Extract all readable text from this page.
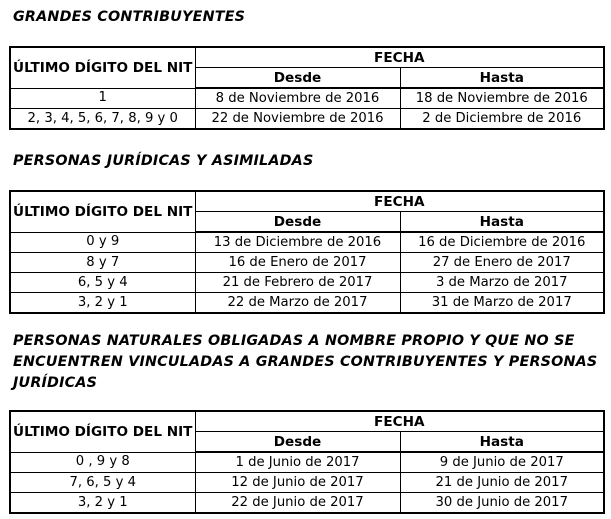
GRANDES CONTRIBUYENTES
ÚLTIMO DÍGITO DEL NIT	FECHA	
	Desde	Hasta
1	8 de Noviembre de 2016	18 de Noviembre de 2016
2, 3, 4, 5, 6, 7, 8, 9 y 0	22 de Noviembre de 2016	2 de Diciembre de 2016
PERSONAS JURÍDICAS Y ASIMILADAS
ÚLTIMO DÍGITO DEL NIT	FECHA	
	Desde	Hasta
0 y 9	13 de Diciembre de 2016	16 de Diciembre de 2016
8 y 7	16 de Enero de 2017	27 de Enero de 2017
6, 5 y 4	21 de Febrero de 2017	3 de Marzo de 2017
3, 2 y 1	22 de Marzo de 2017	31 de Marzo de 2017
PERSONAS NATURALES OBLIGADAS A NOMBRE PROPIO Y QUE NO SE
ENCUENTREN VINCULADAS A GRANDES CONTRIBUYENTES Y PERSONAS
JURÍDICAS
ÚLTIMO DÍGITO DEL NIT	FECHA	
	Desde	Hasta
0 , 9 y 8	1 de Junio de 2017	9 de Junio de 2017
7, 6, 5 y 4	12 de Junio de 2017	21 de Junio de 2017
3, 2 y 1	22 de Junio de 2017	30 de Junio de 2017
